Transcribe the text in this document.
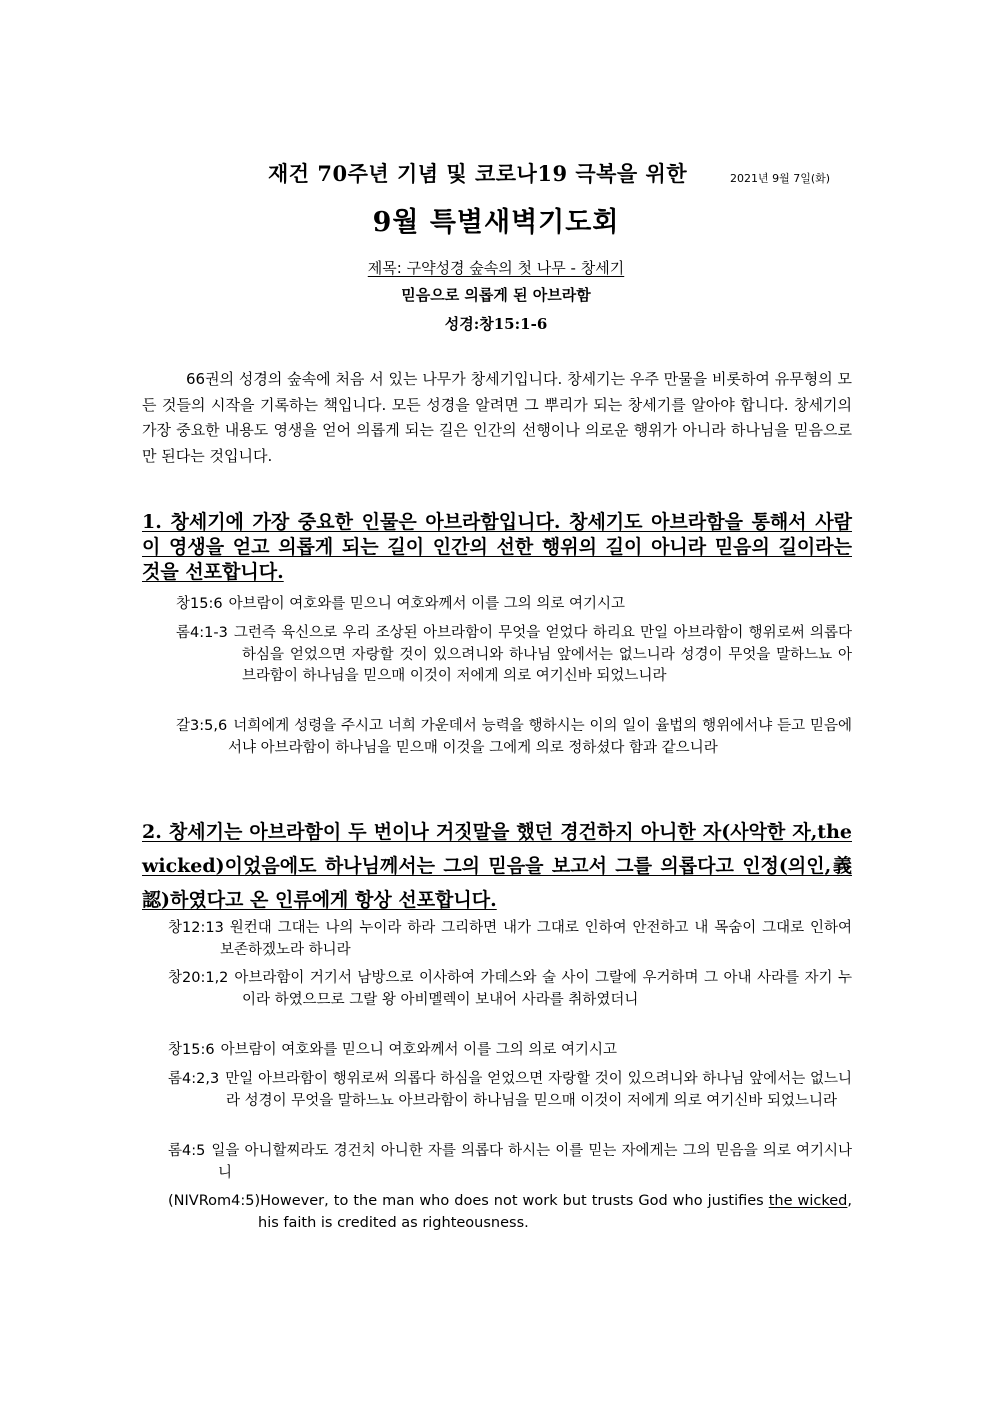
재건 70주년 기념 및 코로나19 극복을 위한	2021년 9월 7일(화)
9월 특별새벽기도회
제목: 구약성경 숲속의 첫 나무 - 창세기
믿음으로 의롭게 된 아브라함
성경:창15:1-6
66권의 성경의 숲속에 처음 서 있는 나무가 창세기입니다. 창세기는 우주 만물을 비롯하여 유무형의 모든 것들의 시작을 기록하는 책입니다. 모든 성경을 알려면 그 뿌리가 되는 창세기를 알아야 합니다. 창세기의 가장 중요한 내용도 영생을 얻어 의롭게 되는 길은 인간의 선행이나 의로운 행위가 아니라 하나님을 믿음으로만 된다는 것입니다.
1. 창세기에 가장 중요한 인물은 아브라함입니다. 창세기도 아브라함을 통해서 사람이 영생을 얻고 의롭게 되는 길이 인간의 선한 행위의 길이 아니라 믿음의 길이라는 것을 선포합니다.
창15:6 아브람이 여호와를 믿으니 여호와께서 이를 그의 의로 여기시고
롬4:1-3 그런즉 육신으로 우리 조상된 아브라함이 무엇을 얻었다 하리요 만일 아브라함이 행위로써 의롭다 하심을 얻었으면 자랑할 것이 있으려니와 하나님 앞에서는 없느니라 성경이 무엇을 말하느뇨 아브라함이 하나님을 믿으매 이것이 저에게 의로 여기신바 되었느니라
갈3:5,6 너희에게 성령을 주시고 너희 가운데서 능력을 행하시는 이의 일이 율법의 행위에서냐 듣고 믿음에서냐 아브라함이 하나님을 믿으매 이것을 그에게 의로 정하셨다 함과 같으니라
2. 창세기는 아브라함이 두 번이나 거짓말을 했던 경건하지 아니한 자(사악한 자,the wicked)이었음에도 하나님께서는 그의 믿음을 보고서 그를 의롭다고 인정(의인,義認)하였다고 온 인류에게 항상 선포합니다.
창12:13 원컨대 그대는 나의 누이라 하라 그리하면 내가 그대로 인하여 안전하고 내 목숨이 그대로 인하여 보존하겠노라 하니라
창20:1,2 아브라함이 거기서 남방으로 이사하여 가데스와 술 사이 그랄에 우거하며 그 아내 사라를 자기 누이라 하였으므로 그랄 왕 아비멜렉이 보내어 사라를 취하였더니
창15:6 아브람이 여호와를 믿으니 여호와께서 이를 그의 의로 여기시고
롬4:2,3 만일 아브라함이 행위로써 의롭다 하심을 얻었으면 자랑할 것이 있으려니와 하나님 앞에서는 없느니라 성경이 무엇을 말하느뇨 아브라함이 하나님을 믿으매 이것이 저에게 의로 여기신바 되었느니라
롬4:5 일을 아니할찌라도 경건치 아니한 자를 의롭다 하시는 이를 믿는 자에게는 그의 믿음을 의로 여기시나니
(NIVRom4:5)However, to the man who does not work but trusts God who justifies the wicked, his faith is credited as righteousness.
